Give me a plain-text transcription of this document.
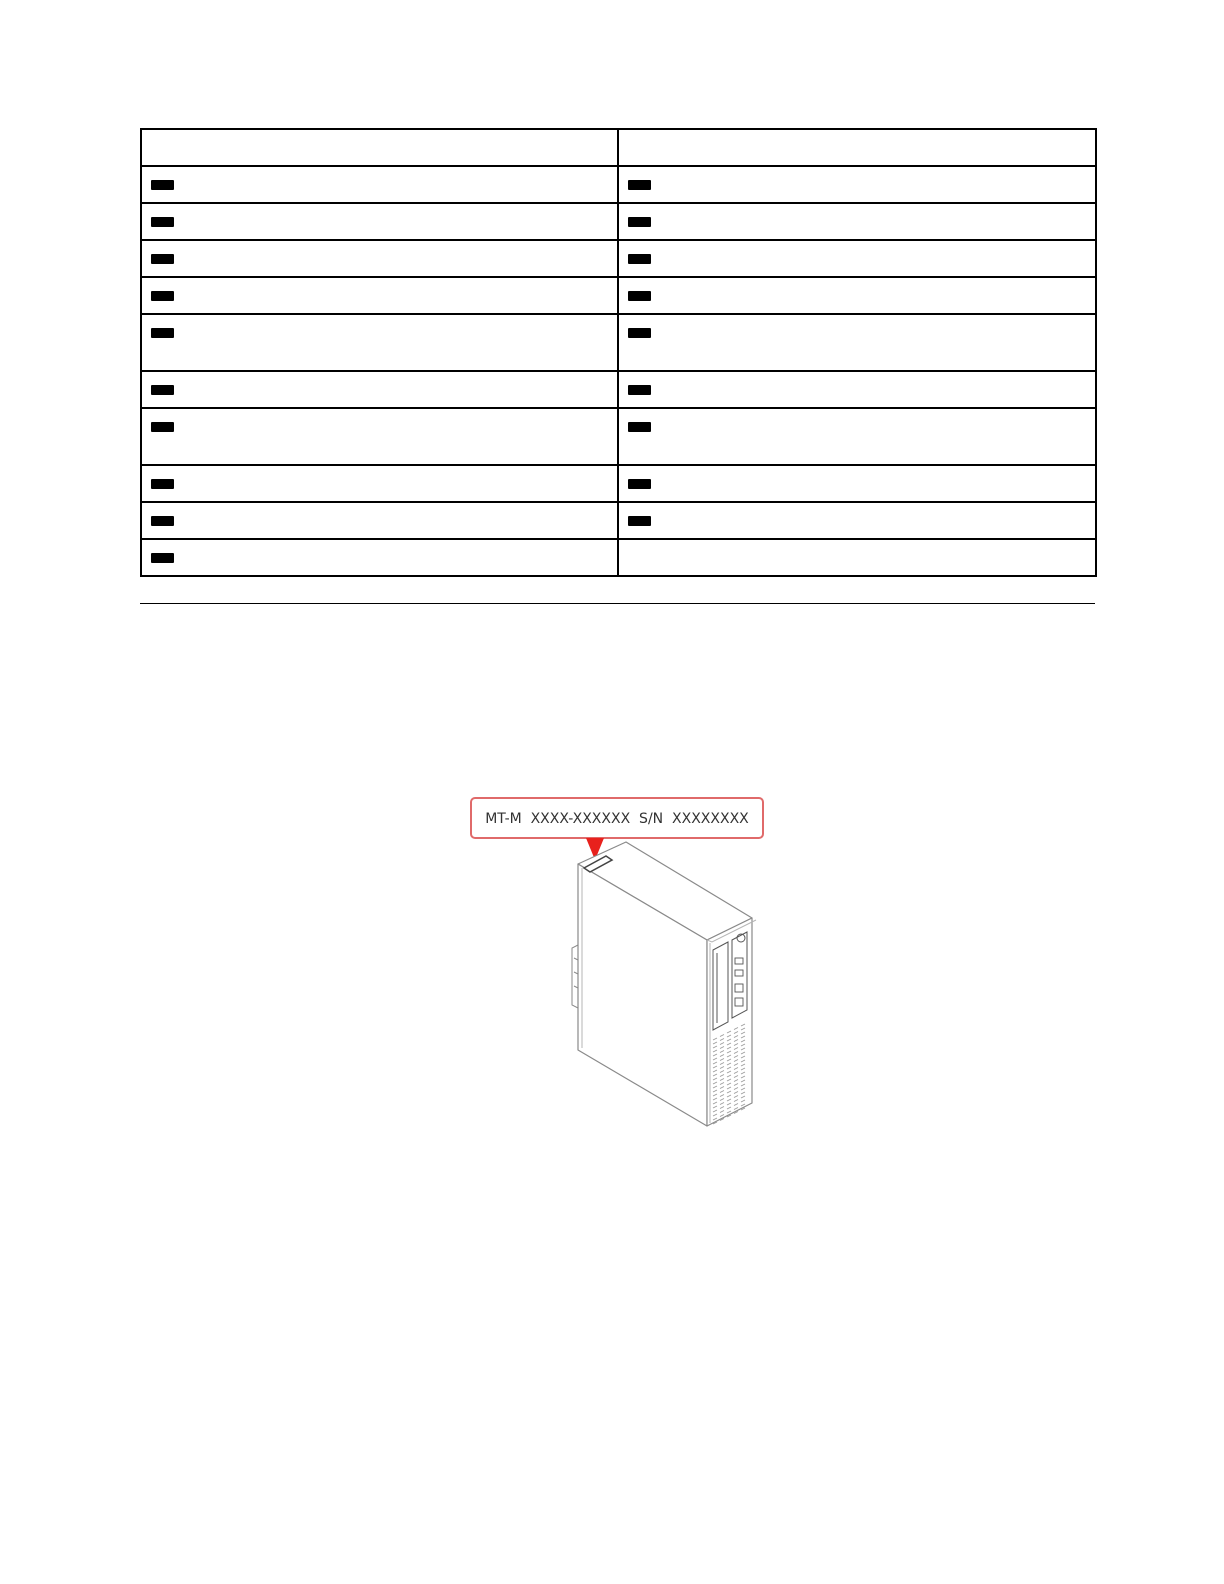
MT-M  XXXX-XXXXXX  S/N  XXXXXXXX
